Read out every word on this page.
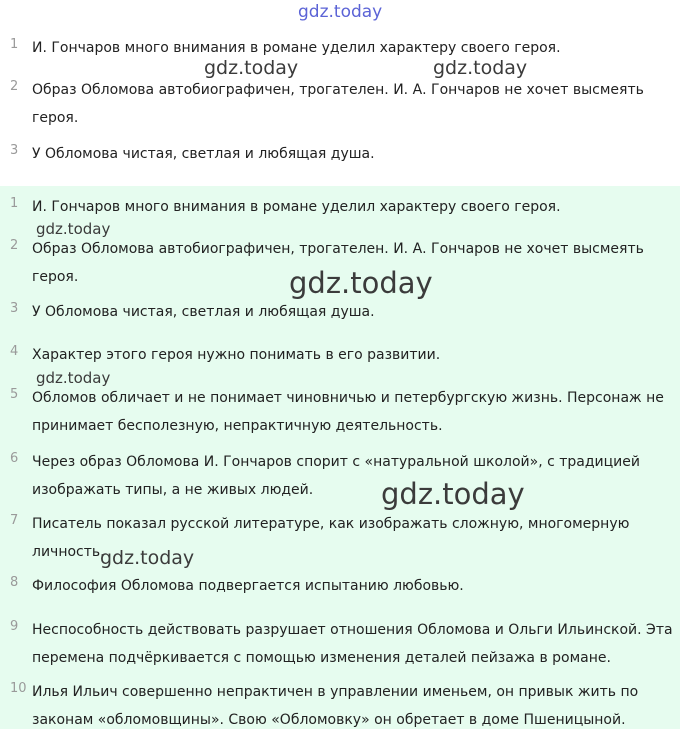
1 И. Гончаров много внимания в романе уделил характеру своего героя.
2 Образ Обломова автобиографичен, трогателен. И. А. Гончаров не хочет высмеять
героя.
3 У Обломова чистая, светлая и любящая душа.
1 И. Гончаров много внимания в романе уделил характеру своего героя.
2 Образ Обломова автобиографичен, трогателен. И. А. Гончаров не хочет высмеять
героя.
3 У Обломова чистая, светлая и любящая душа.
4 Характер этого героя нужно понимать в его развитии.
5 Обломов обличает и не понимает чиновничью и петербургскую жизнь. Персонаж не
принимает бесполезную, непрактичную деятельность.
6 Через образ Обломова И. Гончаров спорит с «натуральной школой», с традицией
изображать типы, а не живых людей.
7 Писатель показал русской литературе, как изображать сложную, многомерную
личность.
8 Философия Обломова подвергается испытанию любовью.
9 Неспособность действовать разрушает отношения Обломова и Ольги Ильинской. Эта
перемена подчёркивается с помощью изменения деталей пейзажа в романе.
10 Илья Ильич совершенно непрактичен в управлении именьем, он привык жить по
законам «обломовщины». Свою «Обломовку» он обретает в доме Пшеницыной.
gdz.today
gdz.today	gdz.today
gdz.today
gdz.today
gdz.today
gdz.today
gdz.today
